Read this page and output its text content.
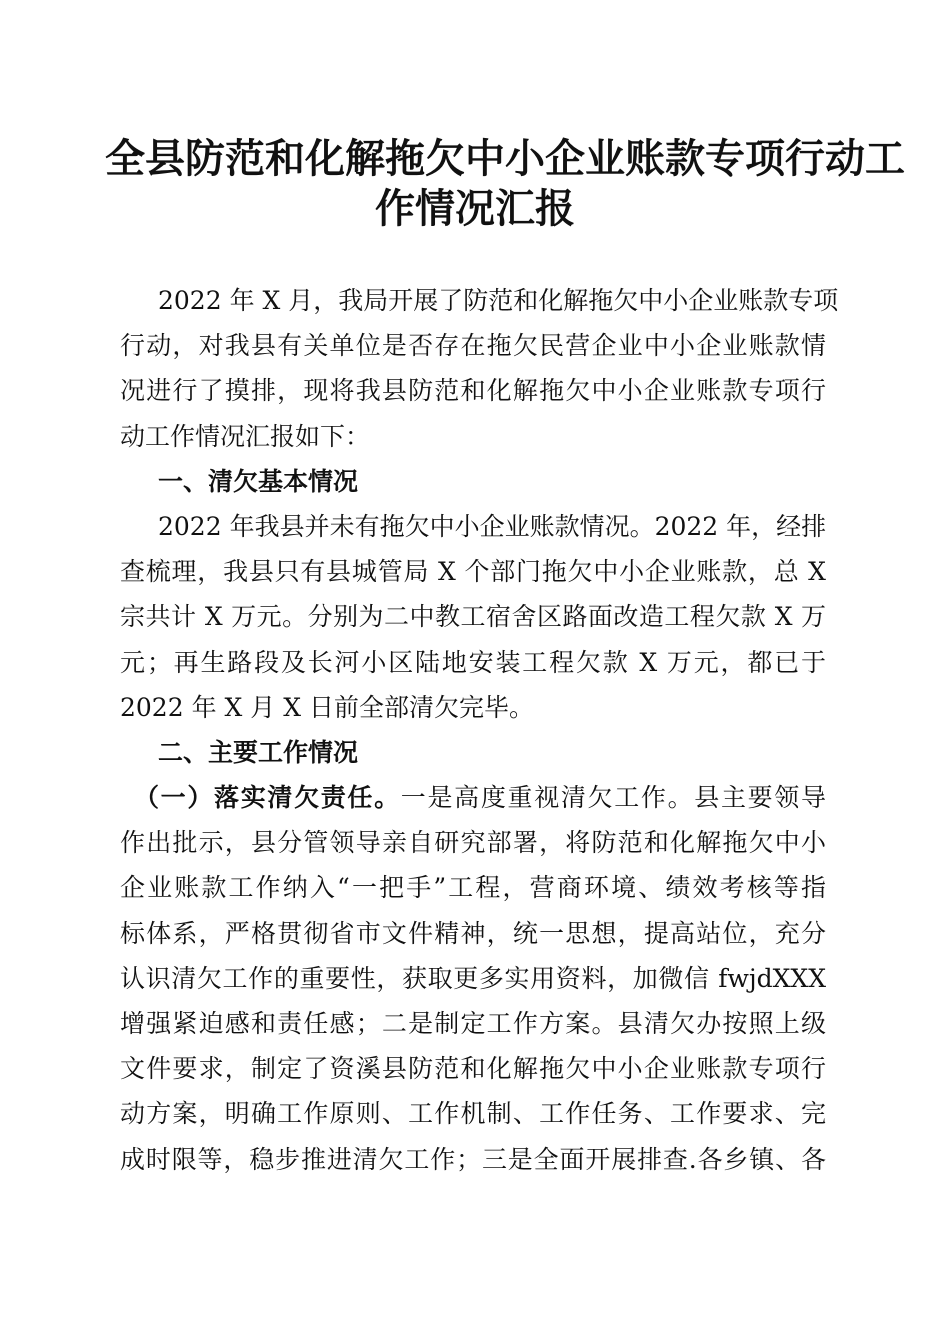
全县防范和化解拖欠中小企业账款专项行动工
作情况汇报
2022 年 X 月，我局开展了防范和化解拖欠中小企业账款专项
行动，对我县有关单位是否存在拖欠民营企业中小企业账款情
况进行了摸排，现将我县防范和化解拖欠中小企业账款专项行
动工作情况汇报如下：
一、清欠基本情况
2022 年我县并未有拖欠中小企业账款情况。2022 年，经排
查梳理，我县只有县城管局 X 个部门拖欠中小企业账款，总 X
宗共计 X 万元。分别为二中教工宿舍区路面改造工程欠款 X 万
元；再生路段及长河小区陆地安装工程欠款 X 万元，都已于
2022 年 X 月 X 日前全部清欠完毕。
二、主要工作情况
（一）落实清欠责任。一是高度重视清欠工作。县主要领导
作出批示，县分管领导亲自研究部署，将防范和化解拖欠中小
企业账款工作纳入“一把手”工程，营商环境、绩效考核等指
标体系，严格贯彻省市文件精神，统一思想，提高站位，充分
认识清欠工作的重要性，获取更多实用资料，加微信 fwjdXXX
增强紧迫感和责任感；二是制定工作方案。县清欠办按照上级
文件要求，制定了资溪县防范和化解拖欠中小企业账款专项行
动方案，明确工作原则、工作机制、工作任务、工作要求、完
成时限等，稳步推进清欠工作；三是全面开展排查.各乡镇、各
